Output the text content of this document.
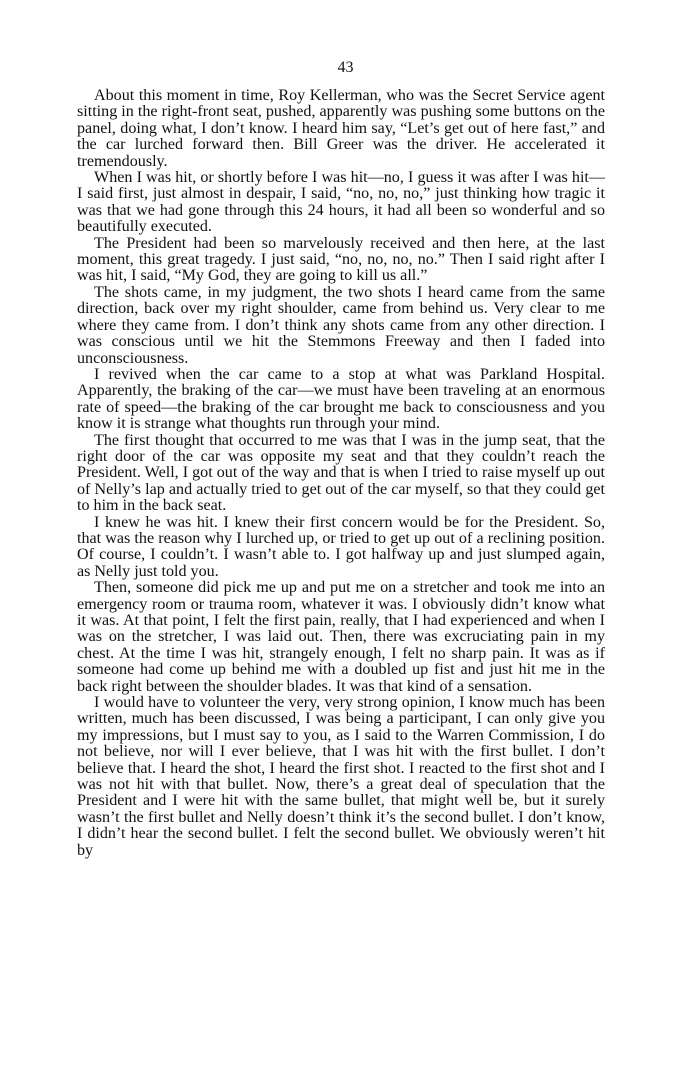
43

About this moment in time, Roy Kellerman, who was the Secret Service agent sitting in the right-front seat, pushed, apparently was pushing some buttons on the panel, doing what, I don’t know. I heard him say, “Let’s get out of here fast,” and the car lurched forward then. Bill Greer was the driver. He accelerated it tremendously.

When I was hit, or shortly before I was hit—no, I guess it was after I was hit—I said first, just almost in despair, I said, “no, no, no,” just thinking how tragic it was that we had gone through this 24 hours, it had all been so wonderful and so beautifully executed.

The President had been so marvelously received and then here, at the last moment, this great tragedy. I just said, “no, no, no, no.” Then I said right after I was hit, I said, “My God, they are going to kill us all.”

The shots came, in my judgment, the two shots I heard came from the same direction, back over my right shoulder, came from behind us. Very clear to me where they came from. I don’t think any shots came from any other direction. I was conscious until we hit the Stemmons Freeway and then I faded into unconsciousness.

I revived when the car came to a stop at what was Parkland Hospital. Apparently, the braking of the car—we must have been traveling at an enormous rate of speed—the braking of the car brought me back to consciousness and you know it is strange what thoughts run through your mind.

The first thought that occurred to me was that I was in the jump seat, that the right door of the car was opposite my seat and that they couldn’t reach the President. Well, I got out of the way and that is when I tried to raise myself up out of Nelly’s lap and actually tried to get out of the car myself, so that they could get to him in the back seat.

I knew he was hit. I knew their first concern would be for the President. So, that was the reason why I lurched up, or tried to get up out of a reclining position. Of course, I couldn’t. I wasn’t able to. I got halfway up and just slumped again, as Nelly just told you.

Then, someone did pick me up and put me on a stretcher and took me into an emergency room or trauma room, whatever it was. I obviously didn’t know what it was. At that point, I felt the first pain, really, that I had experienced and when I was on the stretcher, I was laid out. Then, there was excruciating pain in my chest. At the time I was hit, strangely enough, I felt no sharp pain. It was as if someone had come up behind me with a doubled up fist and just hit me in the back right between the shoulder blades. It was that kind of a sensation.

I would have to volunteer the very, very strong opinion, I know much has been written, much has been discussed, I was being a participant, I can only give you my impressions, but I must say to you, as I said to the Warren Commission, I do not believe, nor will I ever believe, that I was hit with the first bullet. I don’t believe that. I heard the shot, I heard the first shot. I reacted to the first shot and I was not hit with that bullet. Now, there’s a great deal of speculation that the President and I were hit with the same bullet, that might well be, but it surely wasn’t the first bullet and Nelly doesn’t think it’s the second bullet. I don’t know, I didn’t hear the second bullet. I felt the second bullet. We obviously weren’t hit by
